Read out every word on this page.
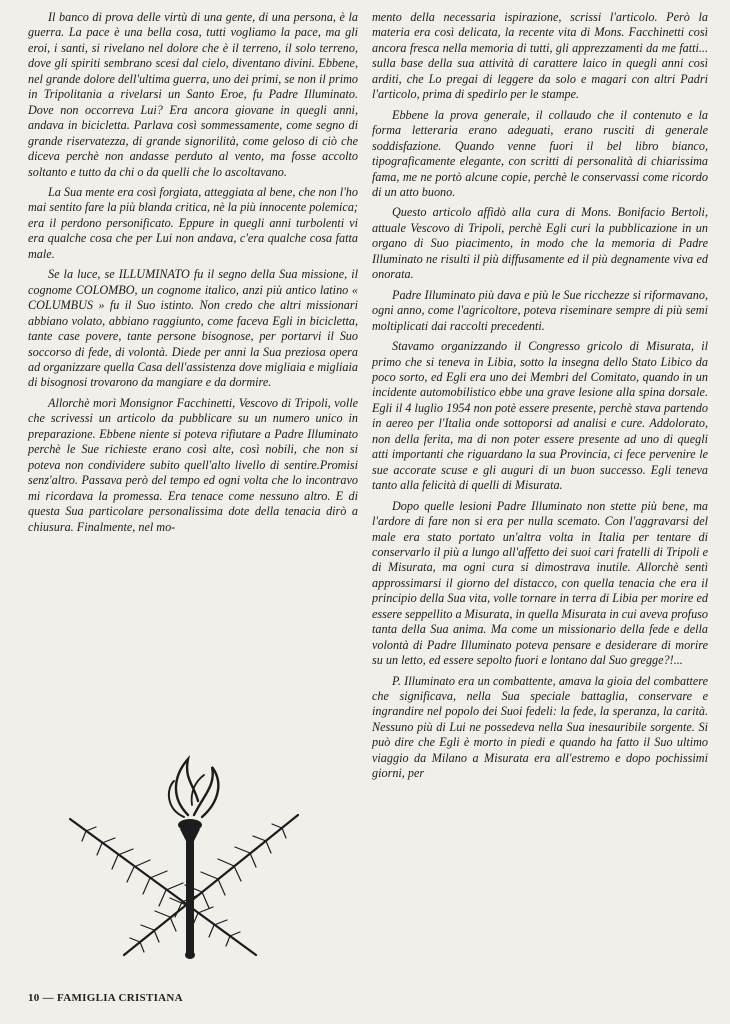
Il banco di prova delle virtù di una gente, di una persona, è la guerra. La pace è una bella cosa, tutti vogliamo la pace, ma gli eroi, i santi, si rivelano nel dolore che è il terreno, il solo terreno, dove gli spiriti sembrano scesi dal cielo, diventano divini. Ebbene, nel grande dolore dell'ultima guerra, uno dei primi, se non il primo in Tripolitania a rivelarsi un Santo Eroe, fu Padre Illuminato. Dove non occorreva Lui? Era ancora giovane in quegli anni, andava in bicicletta. Parlava così sommessamente, come segno di grande riservatezza, di grande signorilità, come geloso di ciò che diceva perchè non andasse perduto al vento, ma fosse accolto soltanto e tutto da chi o da quelli che lo ascoltavano.

La Sua mente era così forgiata, atteggiata al bene, che non l'ho mai sentito fare la più blanda critica, nè la più innocente polemica; era il perdono personificato. Eppure in quegli anni turbolenti vi era qualche cosa che per Lui non andava, c'era qualche cosa fatta male.

Se la luce, se ILLUMINATO fu il segno della Sua missione, il cognome COLOMBO, un cognome italico, anzi più antico latino « COLUMBUS » fu il Suo istinto. Non credo che altri missionari abbiano volato, abbiano raggiunto, come faceva Egli in bicicletta, tante case povere, tante persone bisognose, per portarvi il Suo soccorso di fede, di volontà. Diede per anni la Sua preziosa opera ad organizzare quella Casa dell'assistenza dove migliaia e migliaia di bisognosi trovarono da mangiare e da dormire.

Allorchè morì Monsignor Facchinetti, Vescovo di Tripoli, volle che scrivessi un articolo da pubblicare su un numero unico in preparazione. Ebbene niente si poteva rifiutare a Padre Illuminato perchè le Sue richieste erano così alte, così nobili, che non si poteva non condividere subito quell'alto livello di sentire.Promisi senz'altro. Passava però del tempo ed ogni volta che lo incontravo mi ricordava la promessa. Era tenace come nessuno altro. E di questa Sua particolare personalissima dote della tenacia dirò a chiusura. Finalmente, nel mo-

mento della necessaria ispirazione, scrissi l'articolo. Però la materia era così delicata, la recente vita di Mons. Facchinetti così ancora fresca nella memoria di tutti, gli apprezzamenti da me fatti... sulla base della sua attività di carattere laico in quegli anni così arditi, che Lo pregai di leggere da solo e magari con altri Padri l'articolo, prima di spedirlo per le stampe.

Ebbene la prova generale, il collaudo che il contenuto e la forma letteraria erano adeguati, erano rusciti di generale soddisfazione. Quando venne fuori il bel libro bianco, tipograficamente elegante, con scritti di personalità di chiarissima fama, me ne portò alcune copie, perchè le conservassi come ricordo di un atto buono.

Questo articolo affidò alla cura di Mons. Bonifacio Bertoli, attuale Vescovo di Tripoli, perchè Egli curi la pubblicazione in un organo di Suo piacimento, in modo che la memoria di Padre Illuminato ne risulti il più diffusamente ed il più degnamente viva ed onorata.

Padre Illuminato più dava e più le Sue ricchezze si riformavano, ogni anno, come l'agricoltore, poteva riseminare sempre di più semi moltiplicati dai raccolti precedenti.

Stavamo organizzando il Congresso gricolo di Misurata, il primo che si teneva in Libia, sotto la insegna dello Stato Libico da poco sorto, ed Egli era uno dei Membri del Comitato, quando in un incidente automobilistico ebbe una grave lesione alla spina dorsale. Egli il 4 luglio 1954 non potè essere presente, perchè stava partendo in aereo per l'Italia onde sottoporsi ad analisi e cure. Addoloratо, non della ferita, ma di non poter essere presente ad uno di quegli atti importanti che riguardano la sua Provincia, ci fece pervenire le sue accorate scuse e gli auguri di un buon successo. Egli teneva tanto alla felicità di quelli di Misurata.

Dopo quelle lesioni Padre Illuminato non stette più bene, ma l'ardore di fare non si era per nulla scemato. Con l'aggravarsi del male era stato portato un'altra volta in Italia per tentare di conservarlo il più a lungo all'affetto dei suoi cari fratelli di Tripoli e di Misurata, ma ogni cura si dimostrava inutile. Allorchè sentì approssimarsi il giorno del distacco, con quella tenacia che era il principio della Sua vita, volle tornare in terra di Libia per morire ed essere seppellito a Misurata, in quella Misurata in cui aveva profuso tanta della Sua anima. Ma come un missionario della fede e della volontà di Padre Illuminato poteva pensare e desiderare di morire su un letto, ed essere sepolto fuori e lontano dal Suo gregge?!...

P. Illuminato era un combattente, amava la gioia del combattere che significava, nella Sua speciale battaglia, conservare e ingrandire nel popolo dei Suoi fedeli: la fede, la speranza, la carità. Nessuno più di Lui ne possedeva nella Sua inesauribile sorgente. Si può dire che Egli è morto in piedi e quando ha fatto il Suo ultimo viaggio da Milano a Misurata era all'estremo e dopo pochissimi giorni, per

10 — FAMIGLIA CRISTIANA
